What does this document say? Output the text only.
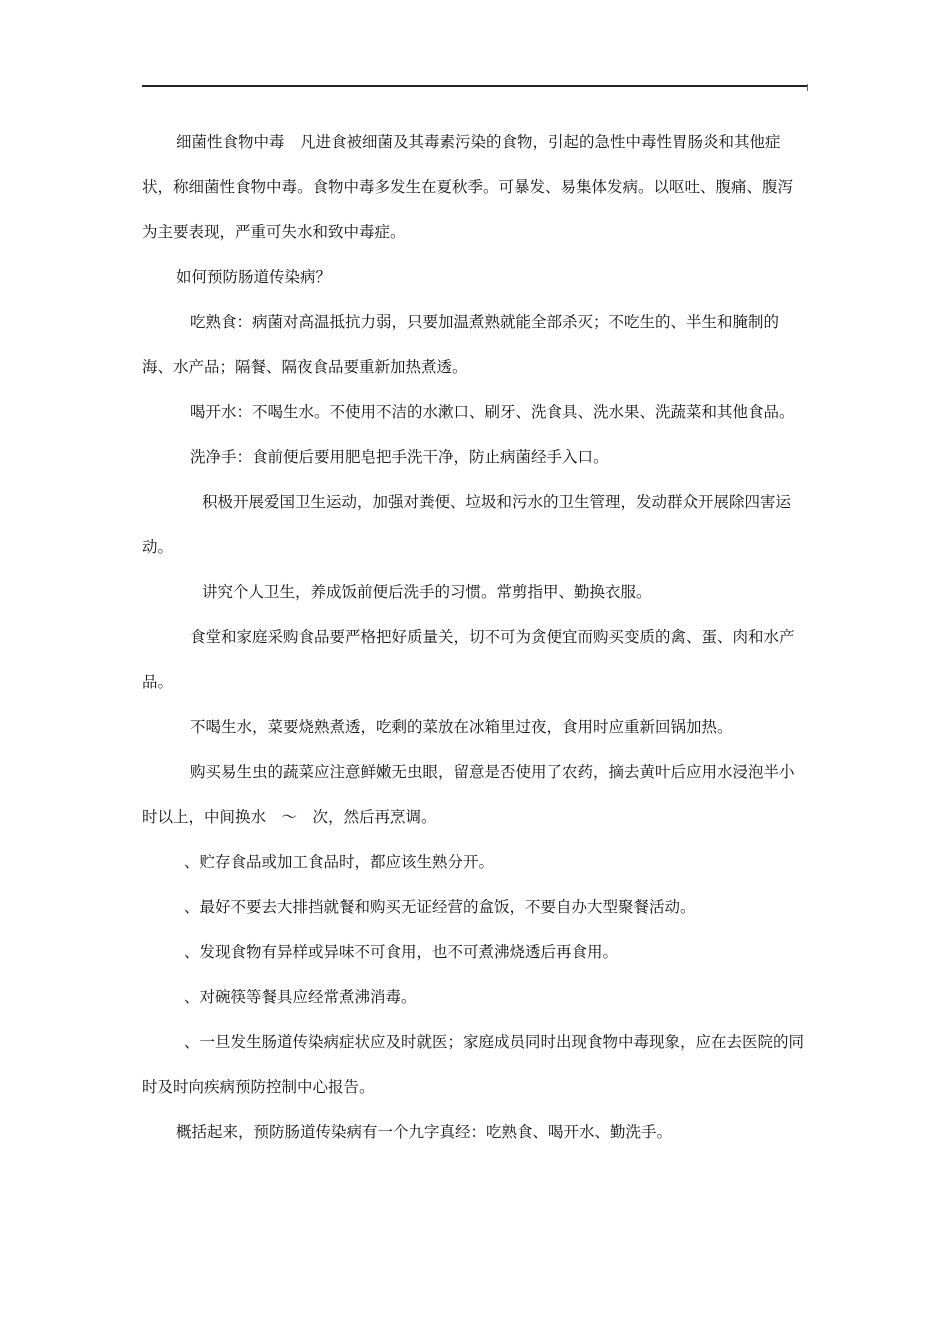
细菌性食物中毒　凡进食被细菌及其毒素污染的食物，引起的急性中毒性胃肠炎和其他症状，称细菌性食物中毒。食物中毒多发生在夏秋季。可暴发、易集体发病。以呕吐、腹痛、腹泻为主要表现，严重可失水和致中毒症。

如何预防肠道传染病？

吃熟食：病菌对高温抵抗力弱，只要加温煮熟就能全部杀灭；不吃生的、半生和腌制的海、水产品；隔餐、隔夜食品要重新加热煮透。

喝开水：不喝生水。不使用不洁的水漱口、刷牙、洗食具、洗水果、洗蔬菜和其他食品。

洗净手：食前便后要用肥皂把手洗干净，防止病菌经手入口。

积极开展爱国卫生运动，加强对粪便、垃圾和污水的卫生管理，发动群众开展除四害运动。

讲究个人卫生，养成饭前便后洗手的习惯。常剪指甲、勤换衣服。

食堂和家庭采购食品要严格把好质量关，切不可为贪便宜而购买变质的禽、蛋、肉和水产品。

不喝生水，菜要烧熟煮透，吃剩的菜放在冰箱里过夜，食用时应重新回锅加热。

购买易生虫的蔬菜应注意鲜嫩无虫眼，留意是否使用了农药，摘去黄叶后应用水浸泡半小时以上，中间换水　～　次，然后再烹调。

、贮存食品或加工食品时，都应该生熟分开。

、最好不要去大排挡就餐和购买无证经营的盒饭，不要自办大型聚餐活动。

、发现食物有异样或异味不可食用，也不可煮沸烧透后再食用。

、对碗筷等餐具应经常煮沸消毒。

、一旦发生肠道传染病症状应及时就医；家庭成员同时出现食物中毒现象，应在去医院的同时及时向疾病预防控制中心报告。

概括起来，预防肠道传染病有一个九字真经：吃熟食、喝开水、勤洗手。
